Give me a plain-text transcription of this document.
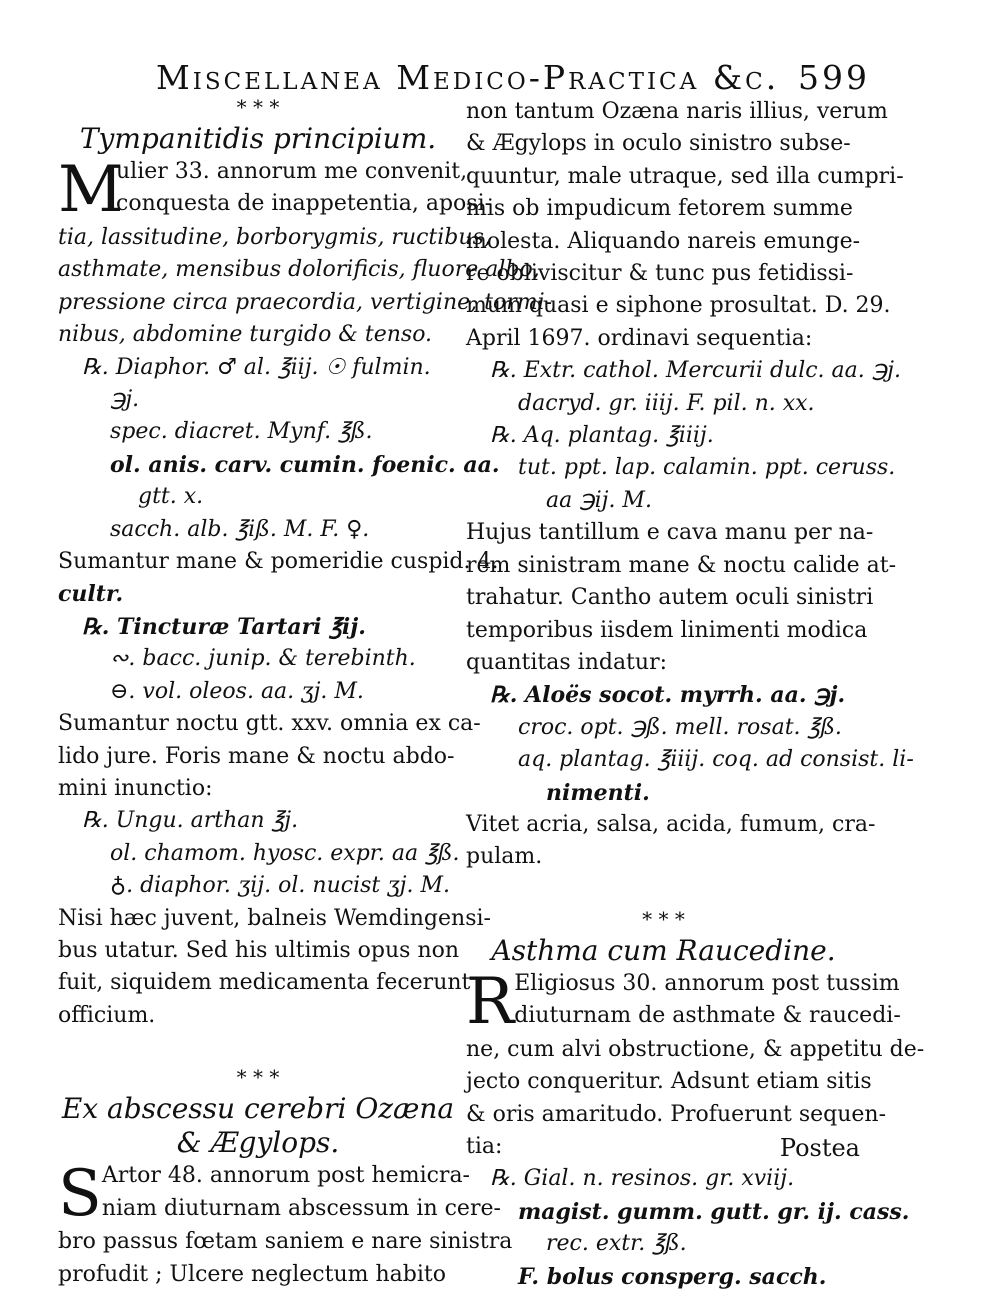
Miscellanea Medico-Practica &c. 599
* * *
Tympanitidis principium.
M
ulier 33. annorum me convenit,
conquesta de inappetentia, aposi-
tia, lassitudine, borborygmis, ructibus,
asthmate, mensibus dolorificis, fluore albo,
pressione circa praecordia, vertigine, tormi-
nibus, abdomine turgido & tenso.
℞. Diaphor. ♂ al. ℥iij. ☉ fulmin.
℈j.
spec. diacret. Mynf. ℥ß.
ol. anis. carv. cumin. foenic. aa.
gtt. x.
sacch. alb. ℥iß. M. F. ♀.
Sumantur mane & pomeridie cuspid. 4.
cultr.
℞. Tincturæ Tartari ℥ij.
∾. bacc. junip. & terebinth.
⊖. vol. oleos. aa. ʒj. M.
Sumantur noctu gtt. xxv. omnia ex ca-
lido jure. Foris mane & noctu abdo-
mini inunctio:
℞. Ungu. arthan ℥j.
ol. chamom. hyosc. expr. aa ℥ß.
♁. diaphor. ʒij. ol. nucist ʒj. M.
Nisi hæc juvent, balneis Wemdingensi-
bus utatur. Sed his ultimis opus non
fuit, siquidem medicamenta fecerunt
officium.
* * *
Ex abscessu cerebri Ozæna
& Ægylops.
S Artor 48. annorum post hemicra-
niam diuturnam abscessum in cere-
bro passus fœtam saniem e nare sinistra
profudit ; Ulcere neglectum habito
non tantum Ozæna naris illius, verum
& Ægylops in oculo sinistro subse-
quuntur, male utraque, sed illa cumpri-
mis ob impudicum fetorem summe
molesta. Aliquando nareis emunge-
re obliviscitur & tunc pus fetidissi-
mum quasi e siphone prosultat. D. 29.
April 1697. ordinavi sequentia:
℞. Extr. cathol. Mercurii dulc. aa. ℈j.
dacryd. gr. iiij. F. pil. n. xx.
℞. Aq. plantag. ℥iiij.
tut. ppt. lap. calamin. ppt. ceruss.
aa ℈ij. M.
Hujus tantillum e cava manu per na-
rem sinistram mane & noctu calide at-
trahatur. Cantho autem oculi sinistri
temporibus iisdem linimenti modica
quantitas indatur:
℞. Aloës socot. myrrh. aa. ℈j.
croc. opt. ℈ß. mell. rosat. ℥ß.
aq. plantag. ℥iiij. coq. ad consist. li-
nimenti.
Vitet acria, salsa, acida, fumum, cra-
pulam.
* * *
Asthma cum Raucedine.
R Eligiosus 30. annorum post tussim
diuturnam de asthmate & raucedi-
ne, cum alvi obstructione, & appetitu de-
jecto conqueritur. Adsunt etiam sitis
& oris amaritudo. Profuerunt sequen-
tia:
℞. Gial. n. resinos. gr. xviij.
magist. gumm. gutt. gr. ij. cass.
rec. extr. ℥ß.
F. bolus consperg. sacch.
Postea
